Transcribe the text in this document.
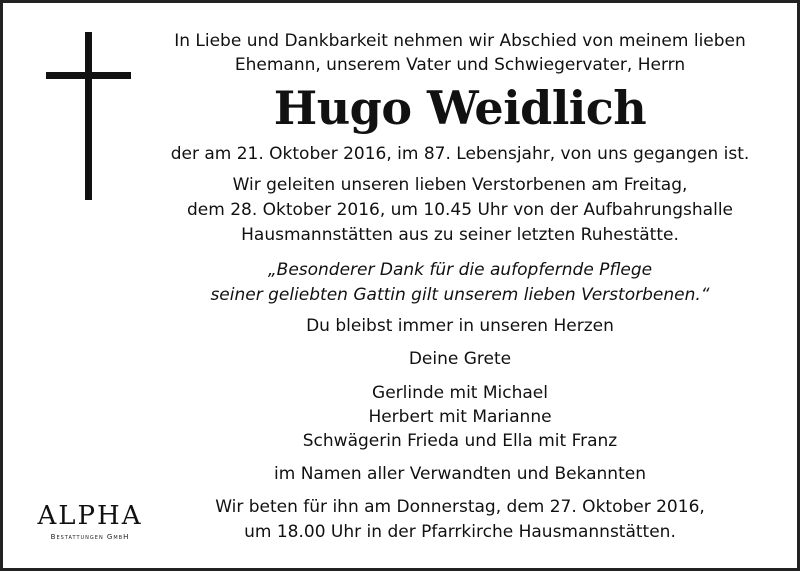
In Liebe und Dankbarkeit nehmen wir Abschied von meinem lieben
Ehemann, unserem Vater und Schwiegervater, Herrn
Hugo Weidlich
der am 21. Oktober 2016, im 87. Lebensjahr, von uns gegangen ist.
Wir geleiten unseren lieben Verstorbenen am Freitag,
dem 28. Oktober 2016, um 10.45 Uhr von der Aufbahrungshalle
Hausmannstätten aus zu seiner letzten Ruhestätte.
„Besonderer Dank für die aufopfernde Pflege
seiner geliebten Gattin gilt unserem lieben Verstorbenen.“
Du bleibst immer in unseren Herzen
Deine Grete
Gerlinde mit Michael
Herbert mit Marianne
Schwägerin Frieda und Ella mit Franz
im Namen aller Verwandten und Bekannten
Wir beten für ihn am Donnerstag, dem 27. Oktober 2016,
um 18.00 Uhr in der Pfarrkirche Hausmannstätten.
ALPHA
Bestattungen GmbH
